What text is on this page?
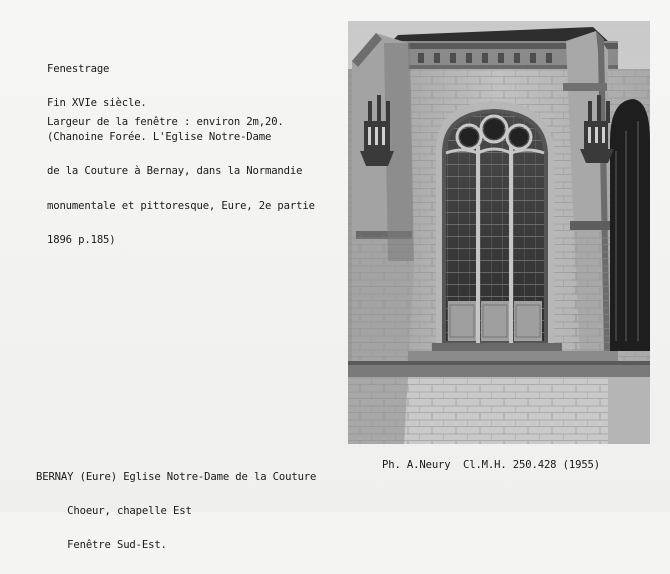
Fenestrage

Fin XVIe siècle.

(Chanoine Forée. L'Eglise Notre-Dame

de la Couture à Bernay, dans la Normandie

monumentale et pittoresque, Eure, 2e partie

1896 p.185)

Largeur de la fenêtre : environ 2m,20.

BERNAY (Eure) Eglise Notre-Dame de la Couture

Choeur, chapelle Est

Fenêtre Sud-Est.

Ph. A.Neury Cl.M.H. 250.428 (1955)
